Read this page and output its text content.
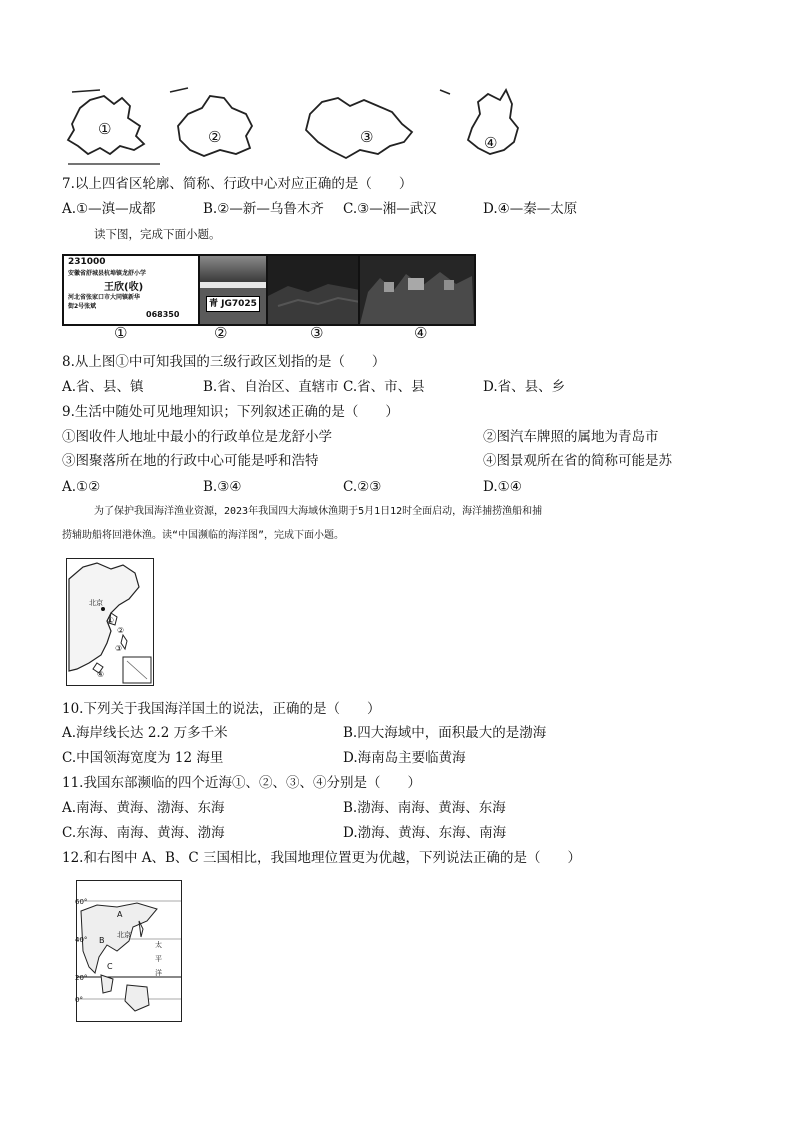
①	②	③	④
7.以上四省区轮廓、简称、行政中心对应正确的是（　　）
A.①—滇—成都	B.②—新—乌鲁木齐 C.③—湘—武汉	D.④—秦—太原
读下图，完成下面小题。
231000
安徽省舒城县杭埠镇龙舒小学
王欣(收)
河北省张家口市大同镇新华
街2号张斌
068350
青 JG7025
①	②	③	④
8.从上图①中可知我国的三级行政区划指的是（　　）
A.省、县、镇	B.省、自治区、直辖市 C.省、市、县	D.省、县、乡
9.生活中随处可见地理知识；下列叙述正确的是（　　）
①图收件人地址中最小的行政单位是龙舒小学	②图汽车牌照的属地为青岛市
③图聚落所在地的行政中心可能是呼和浩特	④图景观所在省的简称可能是苏
A.①②	B.③④	C.②③	D.①④
为了保护我国海洋渔业资源，2023年我国四大海域休渔期于5月1日12时全面启动，海洋捕捞渔船和捕
捞辅助船将回港休渔。读“中国濒临的海洋图”，完成下面小题。
北京
①
②
③
④
10.下列关于我国海洋国土的说法，正确的是（　　）
A.海岸线长达 2.2 万多千米	B.四大海域中，面积最大的是渤海
C.中国领海宽度为 12 海里	D.海南岛主要临黄海
11.我国东部濒临的四个近海①、②、③、④分别是（　　）
A.南海、黄海、渤海、东海	B.渤海、南海、黄海、东海
C.东海、南海、黄海、渤海	D.渤海、黄海、东海、南海
12.和右图中 A、B、C 三国相比，我国地理位置更为优越，下列说法正确的是（　　）
60°
40°
20°
0°
A
B
C
北京
太
平
洋
